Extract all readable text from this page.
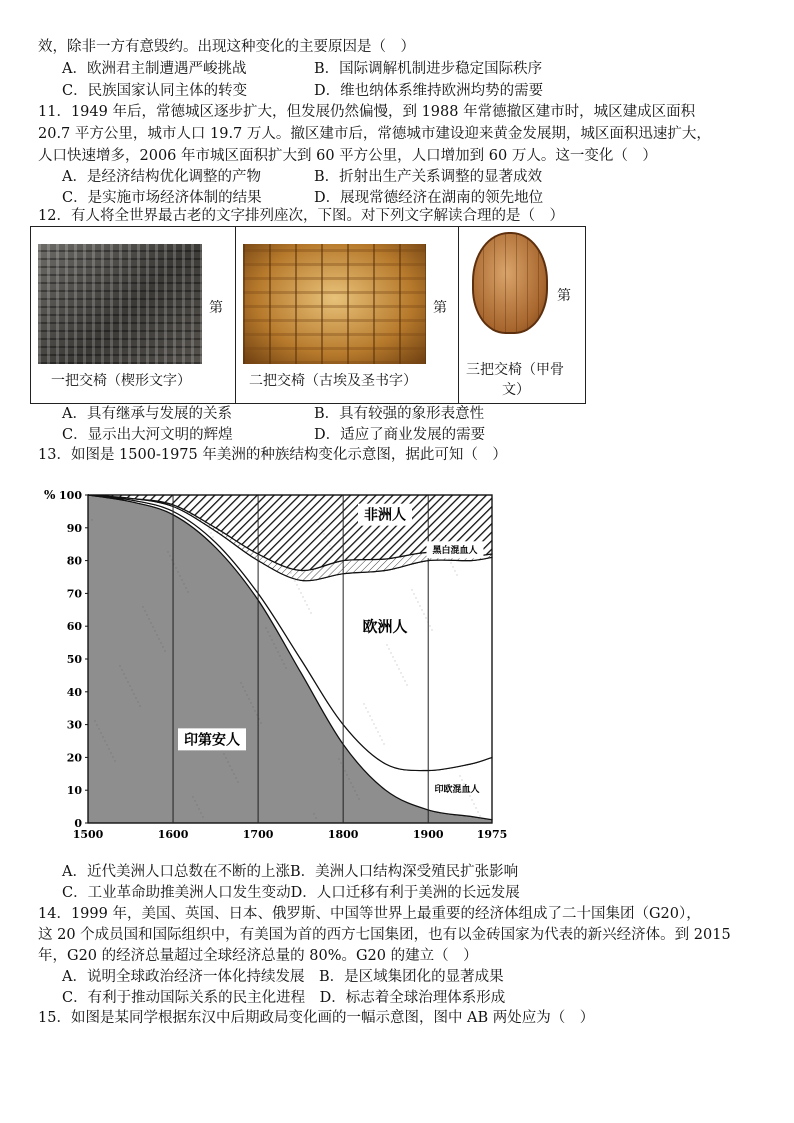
效，除非一方有意毁约。出现这种变化的主要原因是（　）
A．欧洲君主制遭遇严峻挑战	B．国际调解机制进步稳定国际秩序
C．民族国家认同主体的转变	D．维也纳体系维持欧洲均势的需要
11．1949 年后，常德城区逐步扩大，但发展仍然偏慢，到 1988 年常德撤区建市时，城区建成区面积
20.7 平方公里，城市人口 19.7 万人。撤区建市后，常德城市建设迎来黄金发展期，城区面积迅速扩大，
人口快速增多，2006 年市城区面积扩大到 60 平方公里，人口增加到 60 万人。这一变化（　）
A．是经济结构优化调整的产物	B．折射出生产关系调整的显著成效
C．是实施市场经济体制的结果	D．展现常德经济在湖南的领先地位
12．有人将全世界最古老的文字排列座次，下图。对下列文字解读合理的是（　）
第
一把交椅（楔形文字）
第
二把交椅（古埃及圣书字）
第
三把交椅（甲骨
文）
A．具有继承与发展的关系	B．具有较强的象形表意性
C．显示出大河文明的辉煌	D．适应了商业发展的需要
13．如图是 1500-1975 年美洲的种族结构变化示意图，据此可知（　）
1500	1600	1700	1800	1900	1975
0
10
20
30
40
50
60
70
80
90
100
%
非洲人
黑白混血人
欧洲人
印第安人
印欧混血人
A．近代美洲人口总数在不断的上涨B．美洲人口结构深受殖民扩张影响
C．工业革命助推美洲人口发生变动D．人口迁移有利于美洲的长远发展
14．1999 年，美国、英国、日本、俄罗斯、中国等世界上最重要的经济体组成了二十国集团（G20），
这 20 个成员国和国际组织中，有美国为首的西方七国集团，也有以金砖国家为代表的新兴经济体。到 2015
年，G20 的经济总量超过全球经济总量的 80%。G20 的建立（　）
A．说明全球政治经济一体化持续发展　B．是区域集团化的显著成果
C．有利于推动国际关系的民主化进程　D．标志着全球治理体系形成
15．如图是某同学根据东汉中后期政局变化画的一幅示意图，图中 AB 两处应为（　）
